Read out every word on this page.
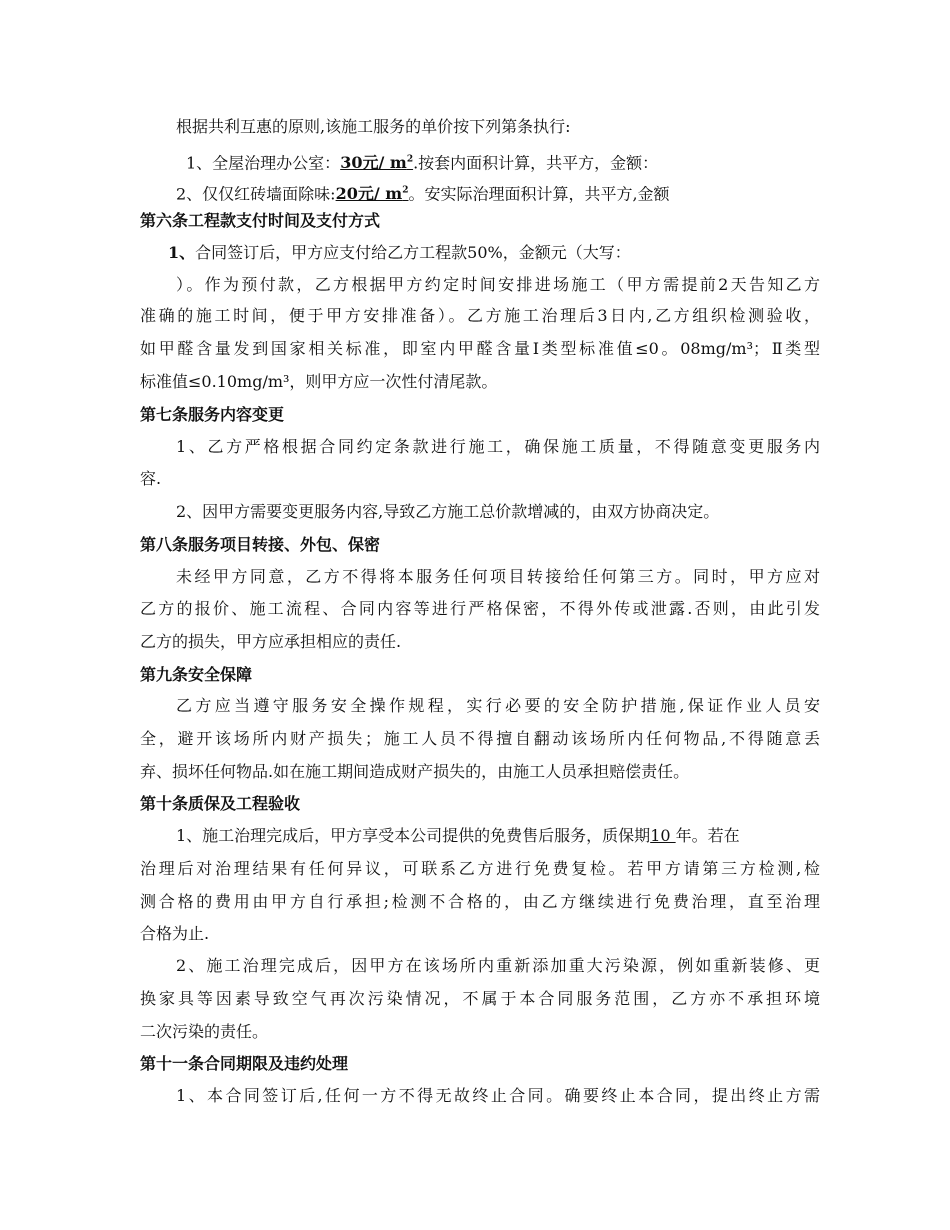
根据共利互惠的原则,该施工服务的单价按下列第条执行:
1、全屋治理办公室：30元/ $m^2$.按套内面积计算，共平方，金额：
2、仅仅红砖墙面除味:20元/ $m^2$。安实际治理面积计算，共平方,金额
第六条工程款支付时间及支付方式
1、合同签订后，甲方应支付给乙方工程款50%，金额元（大写：
）。作为预付款，乙方根据甲方约定时间安排进场施工（甲方需提前2天告知乙方
准确的施工时间，便于甲方安排准备）。乙方施工治理后3日内,乙方组织检测验收，
如甲醛含量发到国家相关标准，即室内甲醛含量Ⅰ类型标准值≤0。08mg/m³；Ⅱ类型
标准值≤0.10mg/m³，则甲方应一次性付清尾款。
第七条服务内容变更
1、乙方严格根据合同约定条款进行施工，确保施工质量，不得随意变更服务内
容.
2、因甲方需要变更服务内容,导致乙方施工总价款增减的，由双方协商决定。
第八条服务项目转接、外包、保密
未经甲方同意，乙方不得将本服务任何项目转接给任何第三方。同时，甲方应对
乙方的报价、施工流程、合同内容等进行严格保密，不得外传或泄露.否则，由此引发
乙方的损失，甲方应承担相应的责任.
第九条安全保障
乙方应当遵守服务安全操作规程，实行必要的安全防护措施,保证作业人员安
全，避开该场所内财产损失；施工人员不得擅自翻动该场所内任何物品,不得随意丢
弃、损坏任何物品.如在施工期间造成财产损失的，由施工人员承担赔偿责任。
第十条质保及工程验收
1、施工治理完成后，甲方享受本公司提供的免费售后服务，质保期10 年。若在
治理后对治理结果有任何异议，可联系乙方进行免费复检。若甲方请第三方检测,检
测合格的费用由甲方自行承担;检测不合格的，由乙方继续进行免费治理，直至治理
合格为止.
2、施工治理完成后，因甲方在该场所内重新添加重大污染源，例如重新装修、更
换家具等因素导致空气再次污染情况，不属于本合同服务范围，乙方亦不承担环境
二次污染的责任。
第十一条合同期限及违约处理
1、本合同签订后,任何一方不得无故终止合同。确要终止本合同，提出终止方需
